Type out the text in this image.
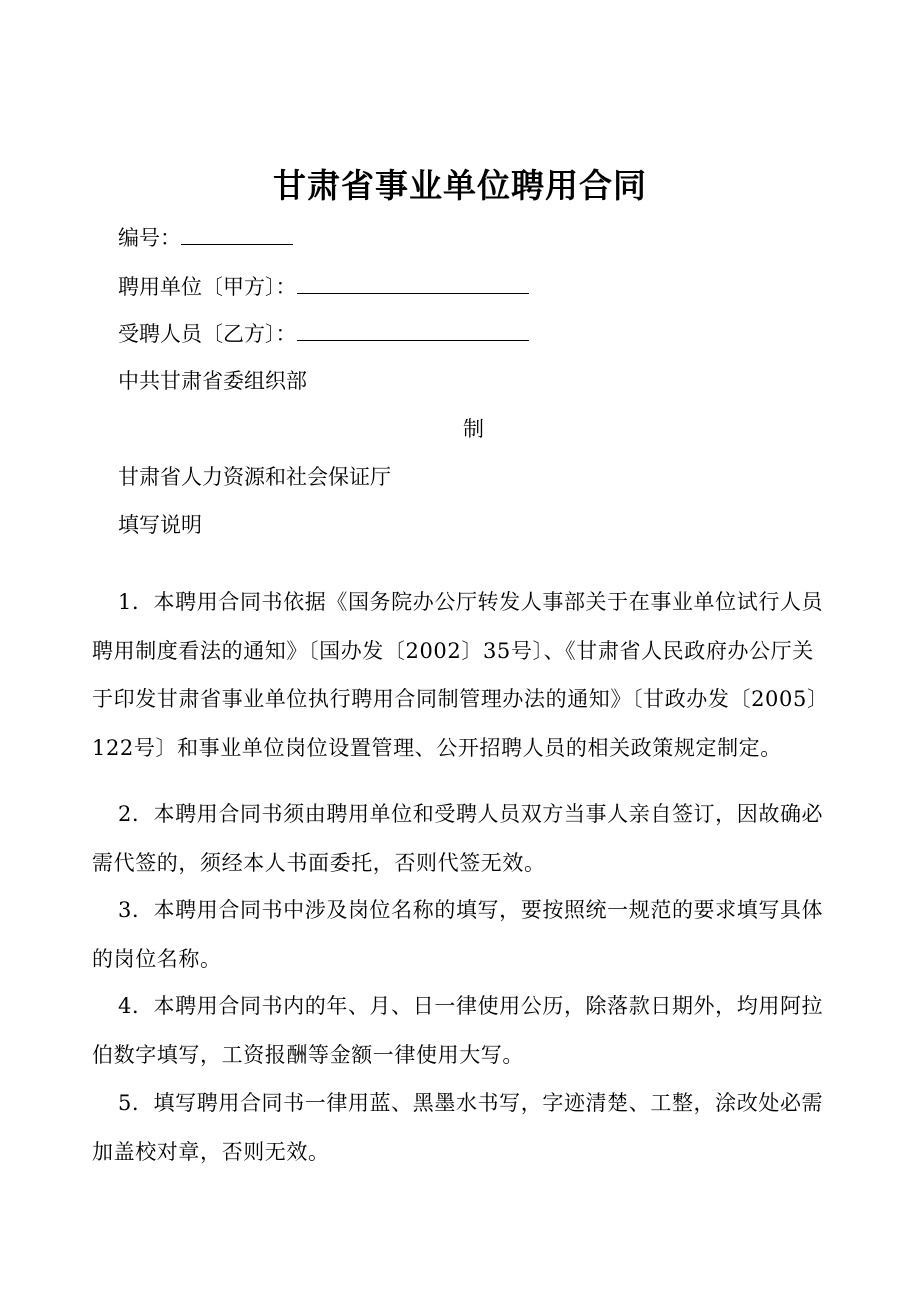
甘肃省事业单位聘用合同
编号：
聘用单位〔甲方〕：
受聘人员〔乙方〕：
中共甘肃省委组织部
制
甘肃省人力资源和社会保证厅
填写说明
1．本聘用合同书依据《国务院办公厅转发人事部关于在事业单位试行人员聘用制度看法的通知》〔国办发〔2002〕35号〕、《甘肃省人民政府办公厅关于印发甘肃省事业单位执行聘用合同制管理办法的通知》〔甘政办发〔2005〕122号〕和事业单位岗位设置管理、公开招聘人员的相关政策规定制定。
2．本聘用合同书须由聘用单位和受聘人员双方当事人亲自签订，因故确必需代签的，须经本人书面委托，否则代签无效。
3．本聘用合同书中涉及岗位名称的填写，要按照统一规范的要求填写具体的岗位名称。
4．本聘用合同书内的年、月、日一律使用公历，除落款日期外，均用阿拉伯数字填写，工资报酬等金额一律使用大写。
5．填写聘用合同书一律用蓝、黑墨水书写，字迹清楚、工整，涂改处必需加盖校对章，否则无效。
